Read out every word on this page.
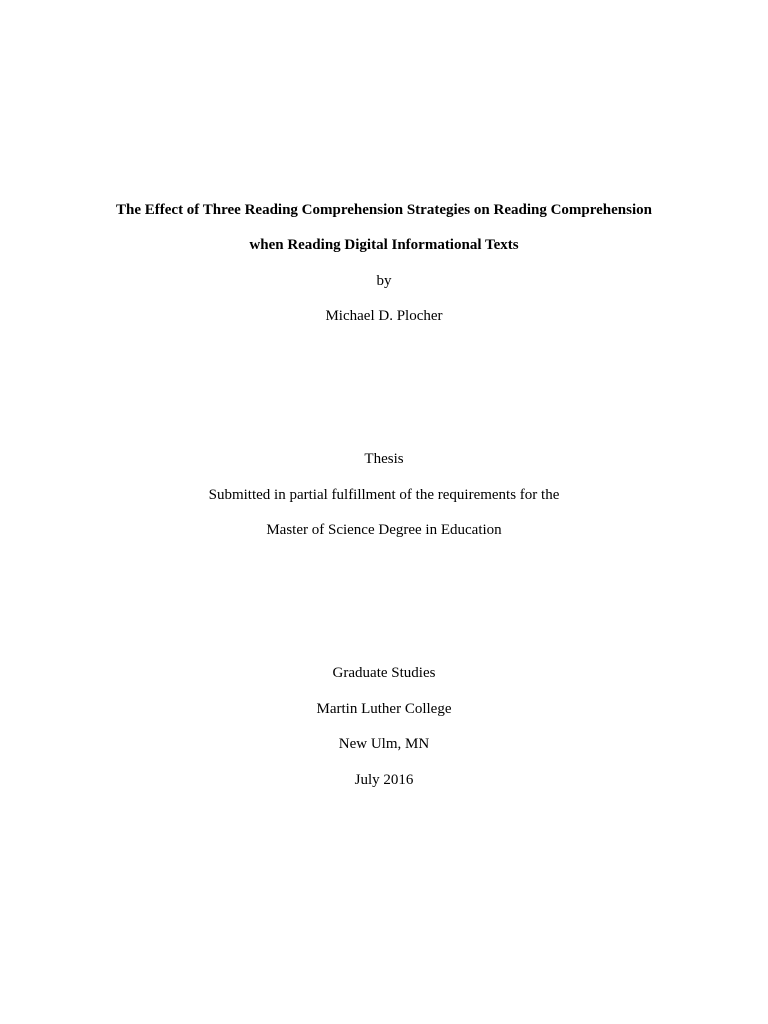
The Effect of Three Reading Comprehension Strategies on Reading Comprehension
when Reading Digital Informational Texts
by
Michael D. Plocher
Thesis
Submitted in partial fulfillment of the requirements for the
Master of Science Degree in Education
Graduate Studies
Martin Luther College
New Ulm, MN
July 2016
